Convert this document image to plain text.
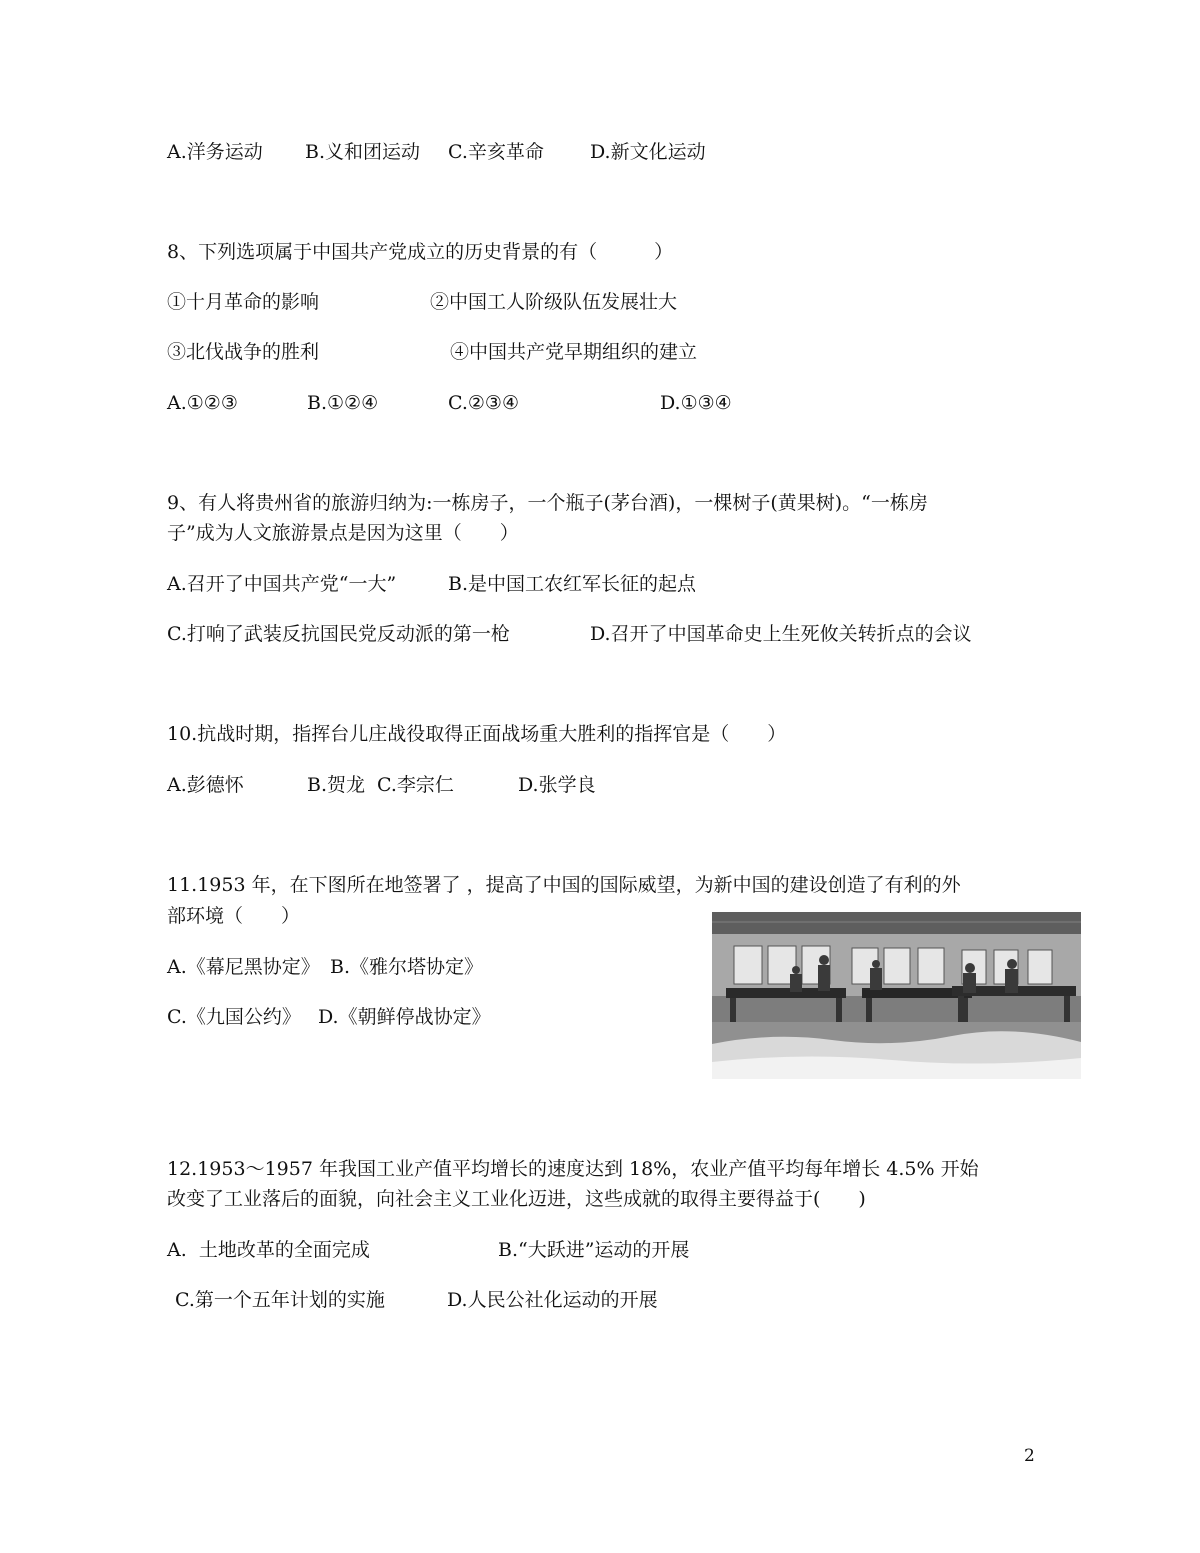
A.洋务运动 B.义和团运动 C.辛亥革命 D.新文化运动
8、下列选项属于中国共产党成立的历史背景的有（　　　）
①十月革命的影响	②中国工人阶级队伍发展壮大
③北伐战争的胜利	④中国共产党早期组织的建立
A.①②③	B.①②④	C.②③④	D.①③④
9、有人将贵州省的旅游归纳为:一栋房子，一个瓶子(茅台酒)，一棵树子(黄果树)。“一栋房
子”成为人文旅游景点是因为这里（　　）
A.召开了中国共产党“一大”	B.是中国工农红军长征的起点
C.打响了武装反抗国民党反动派的第一枪	D.召开了中国革命史上生死攸关转折点的会议
10.抗战时期，指挥台儿庄战役取得正面战场重大胜利的指挥官是（　　）
A.彭德怀	B.贺龙 C.李宗仁	D.张学良
11.1953 年，在下图所在地签署了 ，提高了中国的国际威望，为新中国的建设创造了有利的外
部环境（　　）
A.《幕尼黑协定》 B.《雅尔塔协定》
C.《九国公约》 D.《朝鲜停战协定》
12.1953～1957 年我国工业产值平均增长的速度达到 18%，农业产值平均每年增长 4.5% 开始
改变了工业落后的面貌，向社会主义工业化迈进，这些成就的取得主要得益于(　　)
A.  土地改革的全面完成	B.“大跃进”运动的开展
C.第一个五年计划的实施	D.人民公社化运动的开展
2
